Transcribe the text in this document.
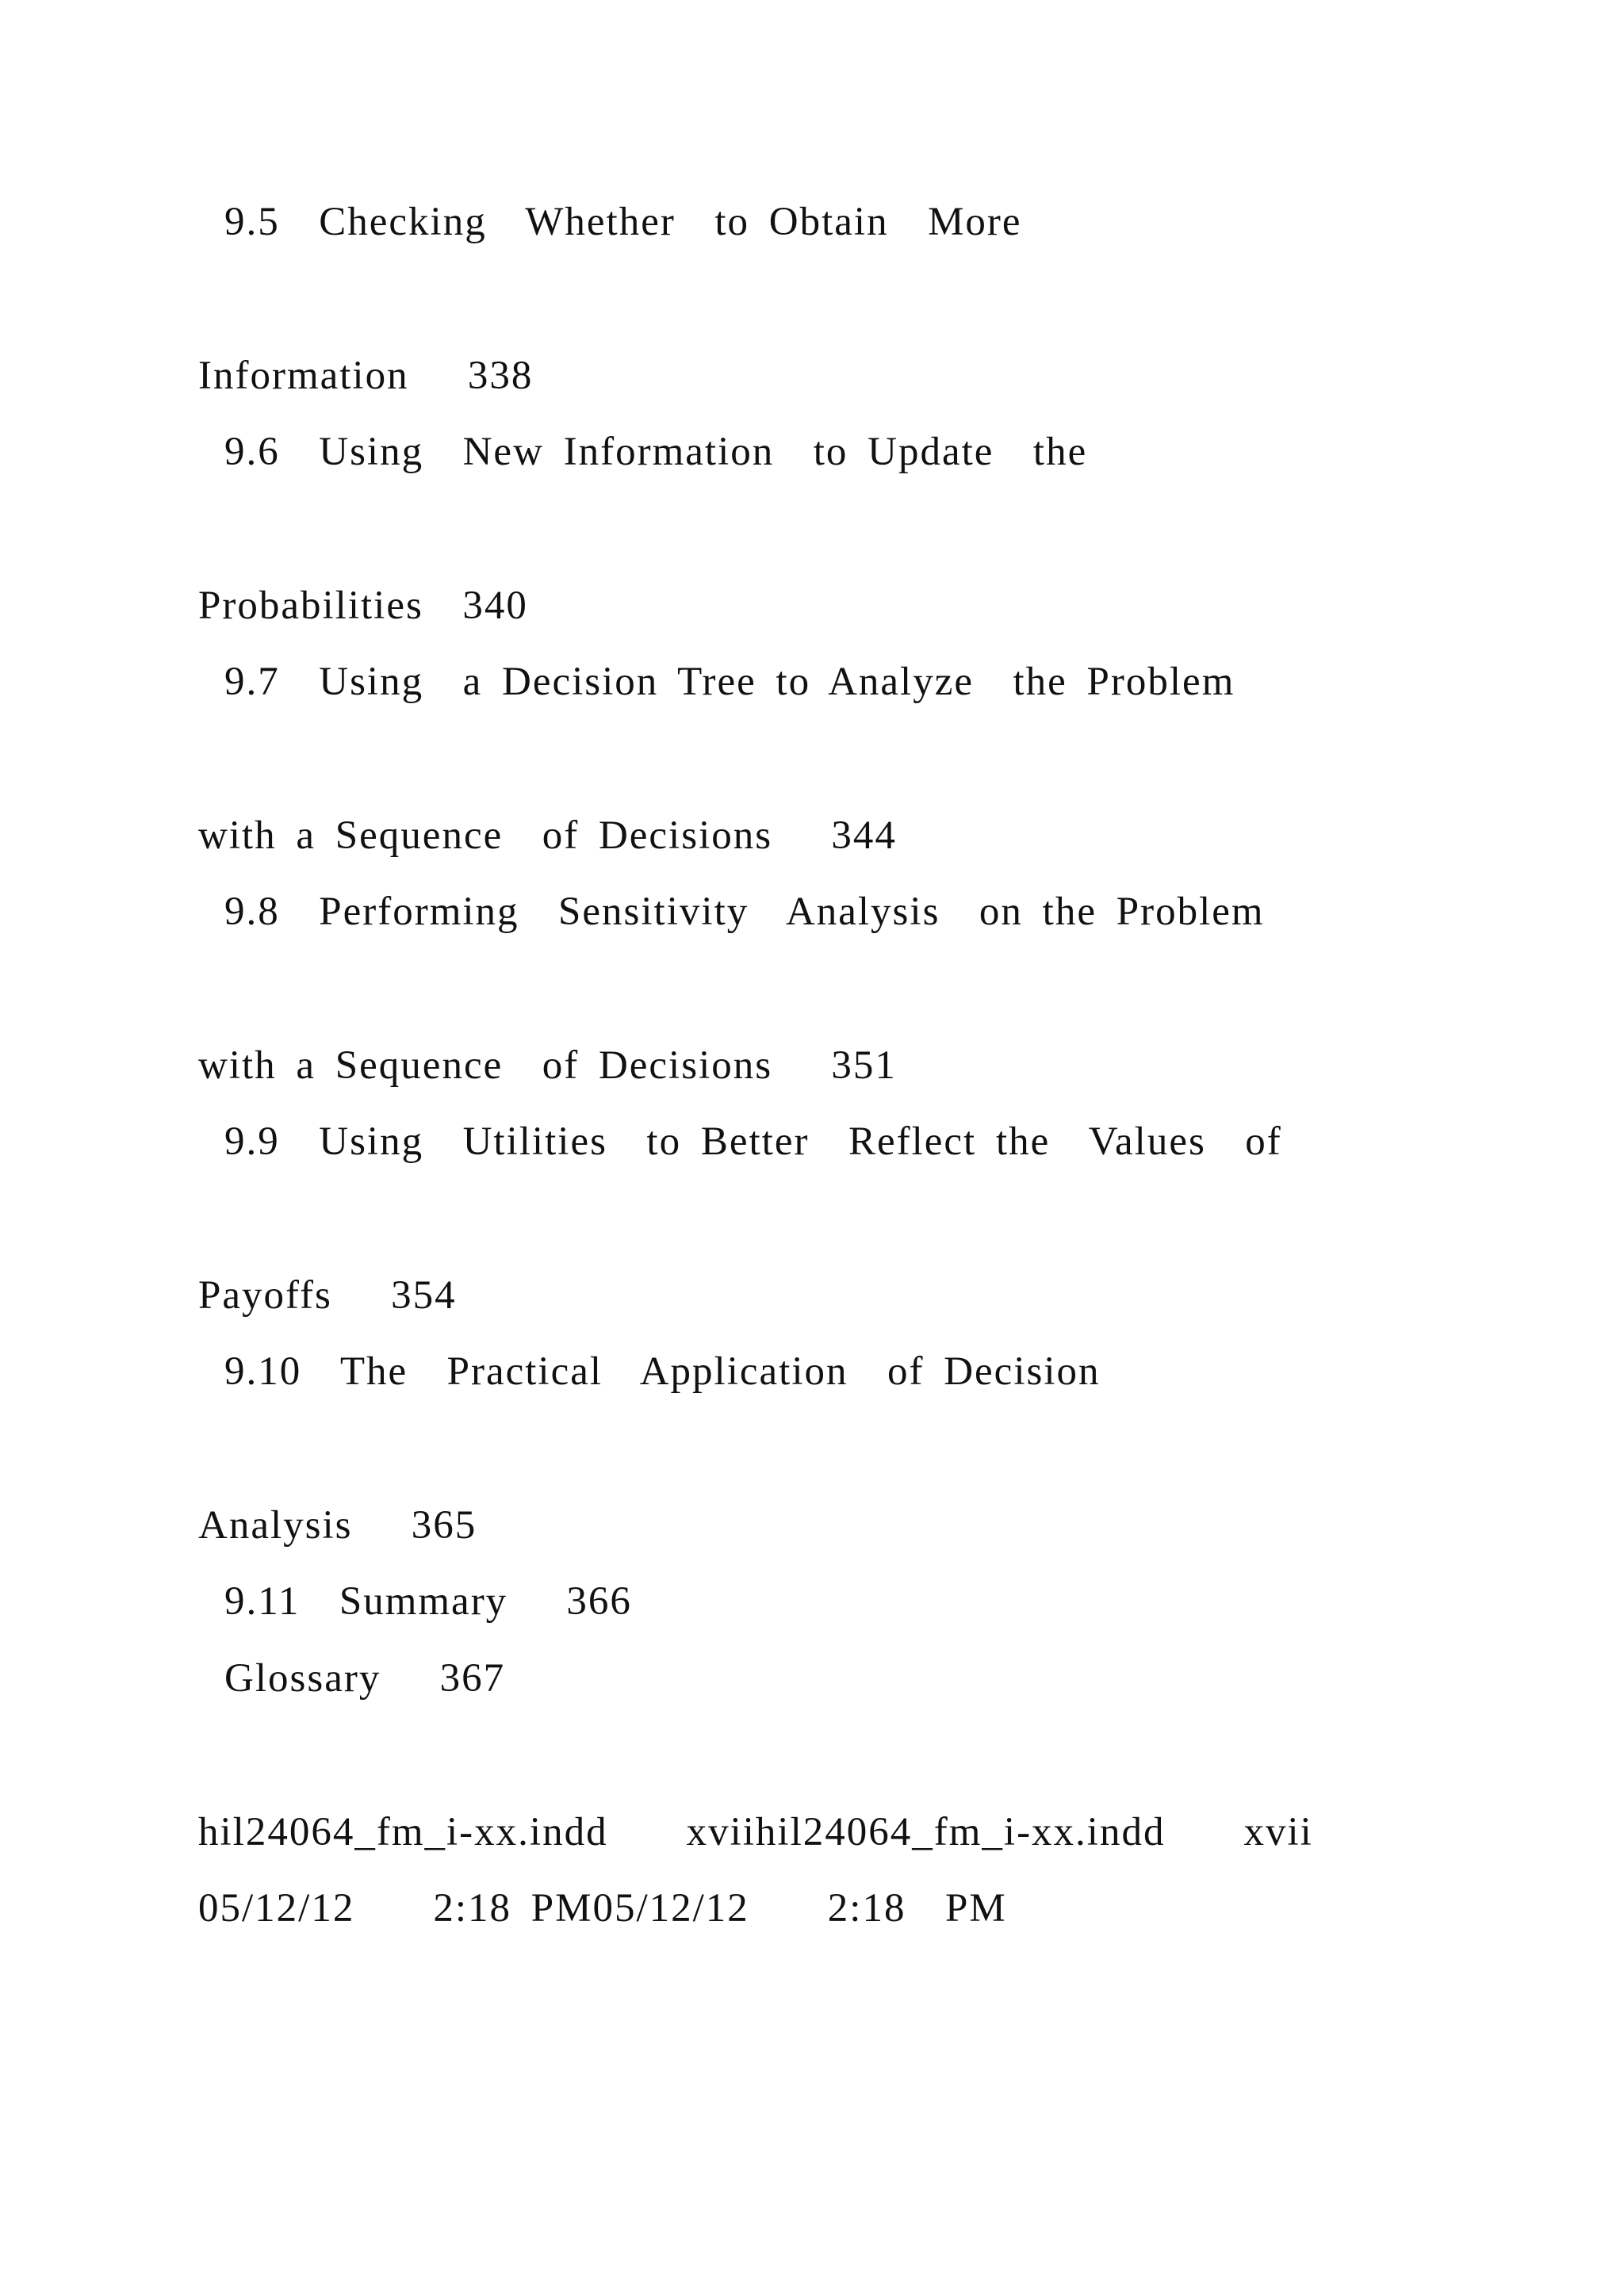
9.5  Checking  Whether  to Obtain  More
Information   338
9.6  Using  New Information  to Update  the
Probabilities  340
9.7  Using  a Decision Tree to Analyze  the Problem
with a Sequence  of Decisions   344
9.8  Performing  Sensitivity  Analysis  on the Problem
with a Sequence  of Decisions   351
9.9  Using  Utilities  to Better  Reflect the  Values  of
Payoffs   354
9.10  The  Practical  Application  of Decision
Analysis   365
9.11  Summary   366
Glossary   367
hil24064_fm_i-xx.indd    xviihil24064_fm_i-xx.indd    xvii
05/12/12    2:18 PM05/12/12    2:18  PM
